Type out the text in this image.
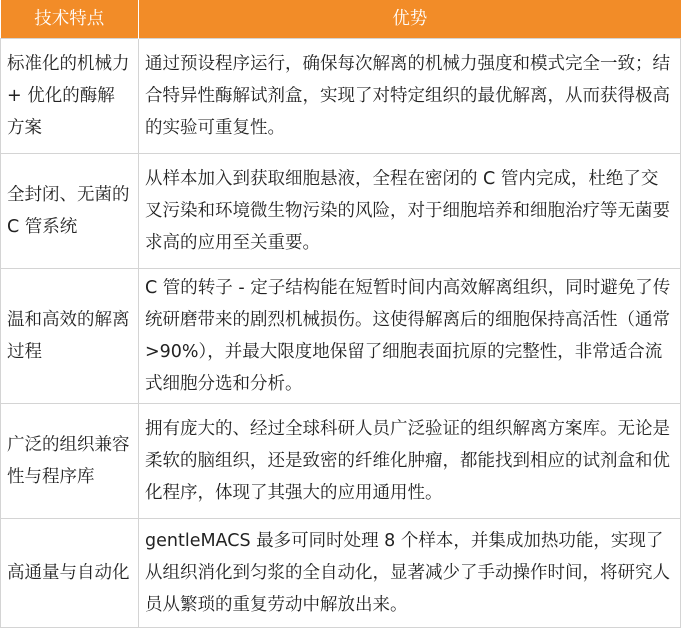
技术特点	优势
标准化的机械力 + 优化的酶解方案	通过预设程序运行，确保每次解离的机械力强度和模式完全一致；结合特异性酶解试剂盒，实现了对特定组织的最优解离，从而获得极高的实验可重复性。
全封闭、无菌的 C 管系统	从样本加入到获取细胞悬液，全程在密闭的 C 管内完成，杜绝了交叉污染和环境微生物污染的风险，对于细胞培养和细胞治疗等无菌要求高的应用至关重要。
温和高效的解离过程	C 管的转子 - 定子结构能在短暂时间内高效解离组织，同时避免了传统研磨带来的剧烈机械损伤。这使得解离后的细胞保持高活性（通常>90%），并最大限度地保留了细胞表面抗原的完整性，非常适合流式细胞分选和分析。
广泛的组织兼容性与程序库	拥有庞大的、经过全球科研人员广泛验证的组织解离方案库。无论是柔软的脑组织，还是致密的纤维化肿瘤，都能找到相应的试剂盒和优化程序，体现了其强大的应用通用性。
高通量与自动化	gentleMACS 最多可同时处理 8 个样本，并集成加热功能，实现了从组织消化到匀浆的全自动化，显著减少了手动操作时间，将研究人员从繁琐的重复劳动中解放出来。
